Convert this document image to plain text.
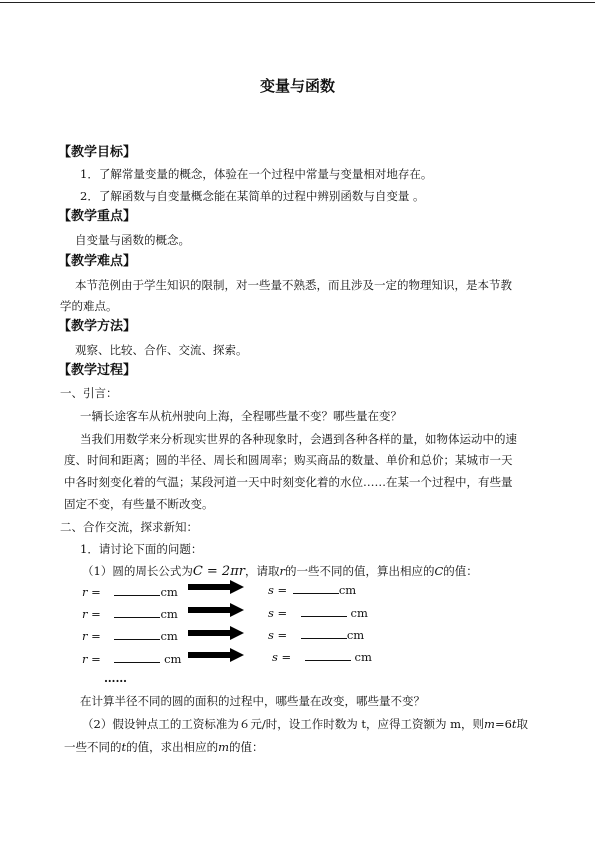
变量与函数
【教学目标】
1．了解常量变量的概念，体验在一个过程中常量与变量相对地存在。
2．了解函数与自变量概念能在某简单的过程中辨别函数与自变量 。
【教学重点】
自变量与函数的概念。
【教学难点】
本节范例由于学生知识的限制，对一些量不熟悉，而且涉及一定的物理知识，是本节教
学的难点。
【教学方法】
观察、比较、合作、交流、探索。
【教学过程】
一、引言：
一辆长途客车从杭州驶向上海，全程哪些量不变？哪些量在变？
当我们用数学来分析现实世界的各种现象时，会遇到各种各样的量，如物体运动中的速
度、时间和距离；圆的半径、周长和圆周率；购买商品的数量、单价和总价；某城市一天
中各时刻变化着的气温；某段河道一天中时刻变化着的水位……在某一个过程中，有些量
固定不变，有些量不断改变。
二、合作交流，探求新知：
1．请讨论下面的问题：
（1）圆的周长公式为C = 2πr，请取r的一些不同的值，算出相应的C的值：
r =	cm	s =	cm
r =	cm	s =	cm
r =	cm	s =	cm
r =	cm	s =	cm
……
在计算半径不同的圆的面积的过程中，哪些量在改变，哪些量不变？
（2）假设钟点工的工资标准为６元/时，设工作时数为 t，应得工资额为 m，则m=6t取
一些不同的t的值，求出相应的m的值：
